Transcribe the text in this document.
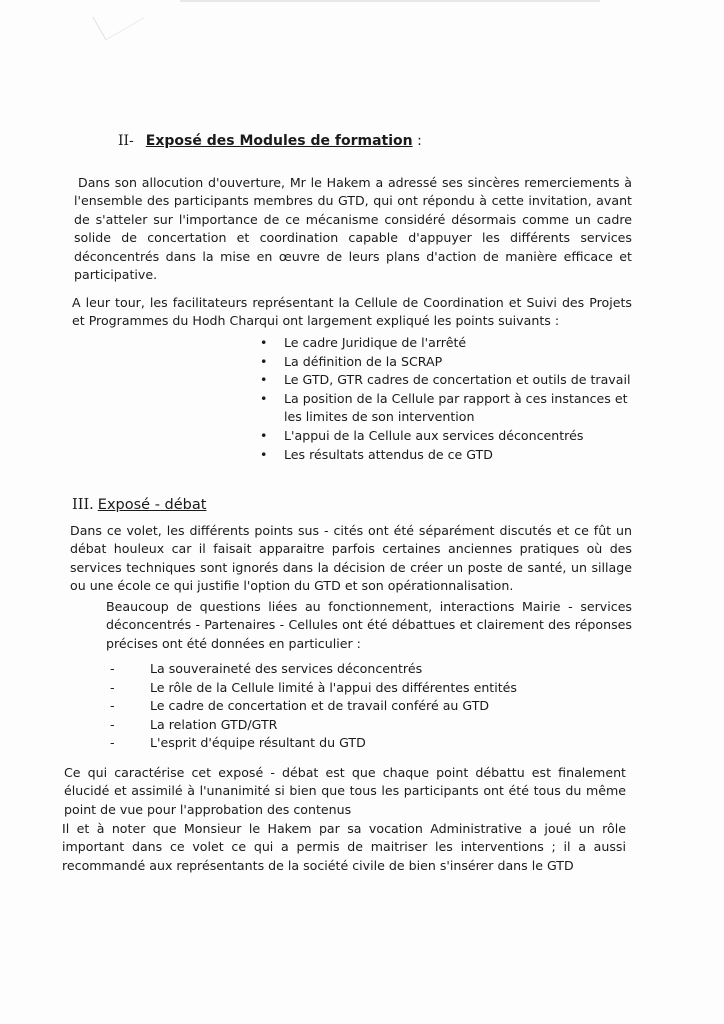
II- Exposé des Modules de formation :

Dans son allocution d'ouverture, Mr le Hakem a adressé ses sincères remerciements à l'ensemble des participants membres du GTD, qui ont répondu à cette invitation, avant de s'atteler sur l'importance de ce mécanisme considéré désormais comme un cadre solide de concertation et coordination capable d'appuyer les différents services déconcentrés dans la mise en œuvre de leurs plans d'action de manière efficace et participative.

A leur tour, les facilitateurs représentant la Cellule de Coordination et Suivi des Projets et Programmes du Hodh Charqui ont largement expliqué les points suivants :

• Le cadre Juridique de l'arrêté
• La définition de la SCRAP
• Le GTD, GTR cadres de concertation et outils de travail
• La position de la Cellule par rapport à ces instances et les limites de son intervention
• L'appui de la Cellule aux services déconcentrés
• Les résultats attendus de ce GTD
III. Exposé - débat

Dans ce volet, les différents points sus - cités ont été séparément discutés et ce fût un débat houleux car il faisait apparaitre parfois certaines anciennes pratiques où des services techniques sont ignorés dans la décision de créer un poste de santé, un sillage ou une école ce qui justifie l'option du GTD et son opérationnalisation.

Beaucoup de questions liées au fonctionnement, interactions Mairie - services déconcentrés - Partenaires - Cellules ont été débattues et clairement des réponses précises ont été données en particulier :

-	La souveraineté des services déconcentrés
-	Le rôle de la Cellule limité à l'appui des différentes entités
-	Le cadre de concertation et de travail conféré au GTD
-	La relation GTD/GTR
-	L'esprit d'équipe résultant du GTD

Ce qui caractérise cet exposé - débat est que chaque point débattu est finalement élucidé et assimilé à l'unanimité si bien que tous les participants ont été tous du même point de vue pour l'approbation des contenus

Il et à noter que Monsieur le Hakem par sa vocation Administrative a joué un rôle important dans ce volet ce qui a permis de maitriser les interventions ; il a aussi recommandé aux représentants de la société civile de bien s'insérer dans le GTD
